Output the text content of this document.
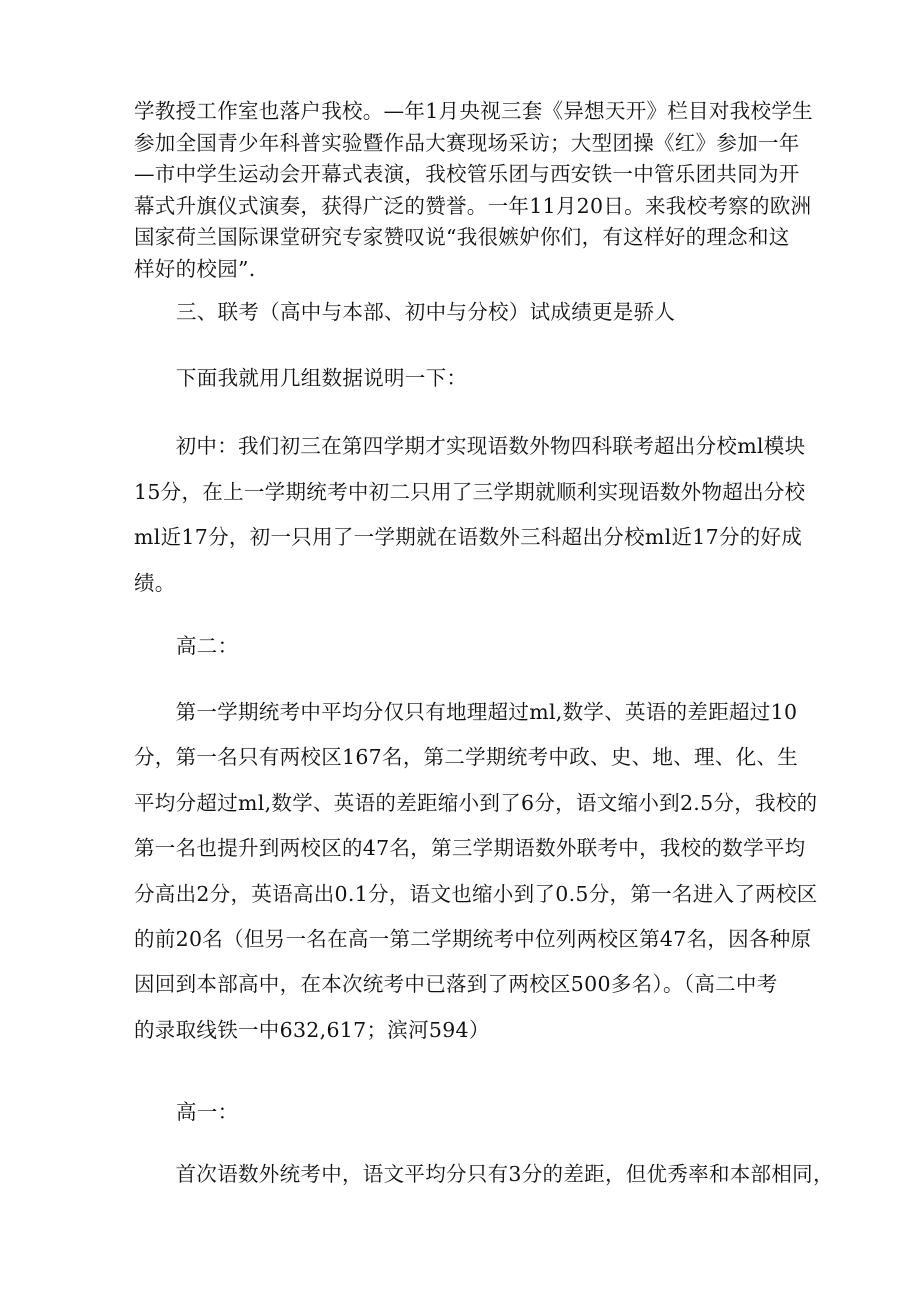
学教授工作室也落户我校。—年1月央视三套《异想天开》栏目对我校学生
参加全国青少年科普实验暨作品大赛现场采访；大型团操《红》参加一年
—市中学生运动会开幕式表演，我校管乐团与西安铁一中管乐团共同为开
幕式升旗仪式演奏，获得广泛的赞誉。一年11月20日。来我校考察的欧洲
国家荷兰国际课堂研究专家赞叹说“我很嫉妒你们，有这样好的理念和这
样好的校园”.
三、联考（高中与本部、初中与分校）试成绩更是骄人
下面我就用几组数据说明一下：
　　初中：我们初三在第四学期才实现语数外物四科联考超出分校ml模块
15分，在上一学期统考中初二只用了三学期就顺利实现语数外物超出分校
ml近17分，初一只用了一学期就在语数外三科超出分校ml近17分的好成
绩。
高二：
　　第一学期统考中平均分仅只有地理超过ml,数学、英语的差距超过10
分，第一名只有两校区167名，第二学期统考中政、史、地、理、化、生
平均分超过ml,数学、英语的差距缩小到了6分，语文缩小到2.5分，我校的
第一名也提升到两校区的47名，第三学期语数外联考中，我校的数学平均
分高出2分，英语高出0.1分，语文也缩小到了0.5分，第一名进入了两校区
的前20名（但另一名在高一第二学期统考中位列两校区第47名，因各种原
因回到本部高中，在本次统考中已落到了两校区500多名）。（高二中考
的录取线铁一中632,617；滨河594）
高一：
　　首次语数外统考中，语文平均分只有3分的差距，但优秀率和本部相同，
